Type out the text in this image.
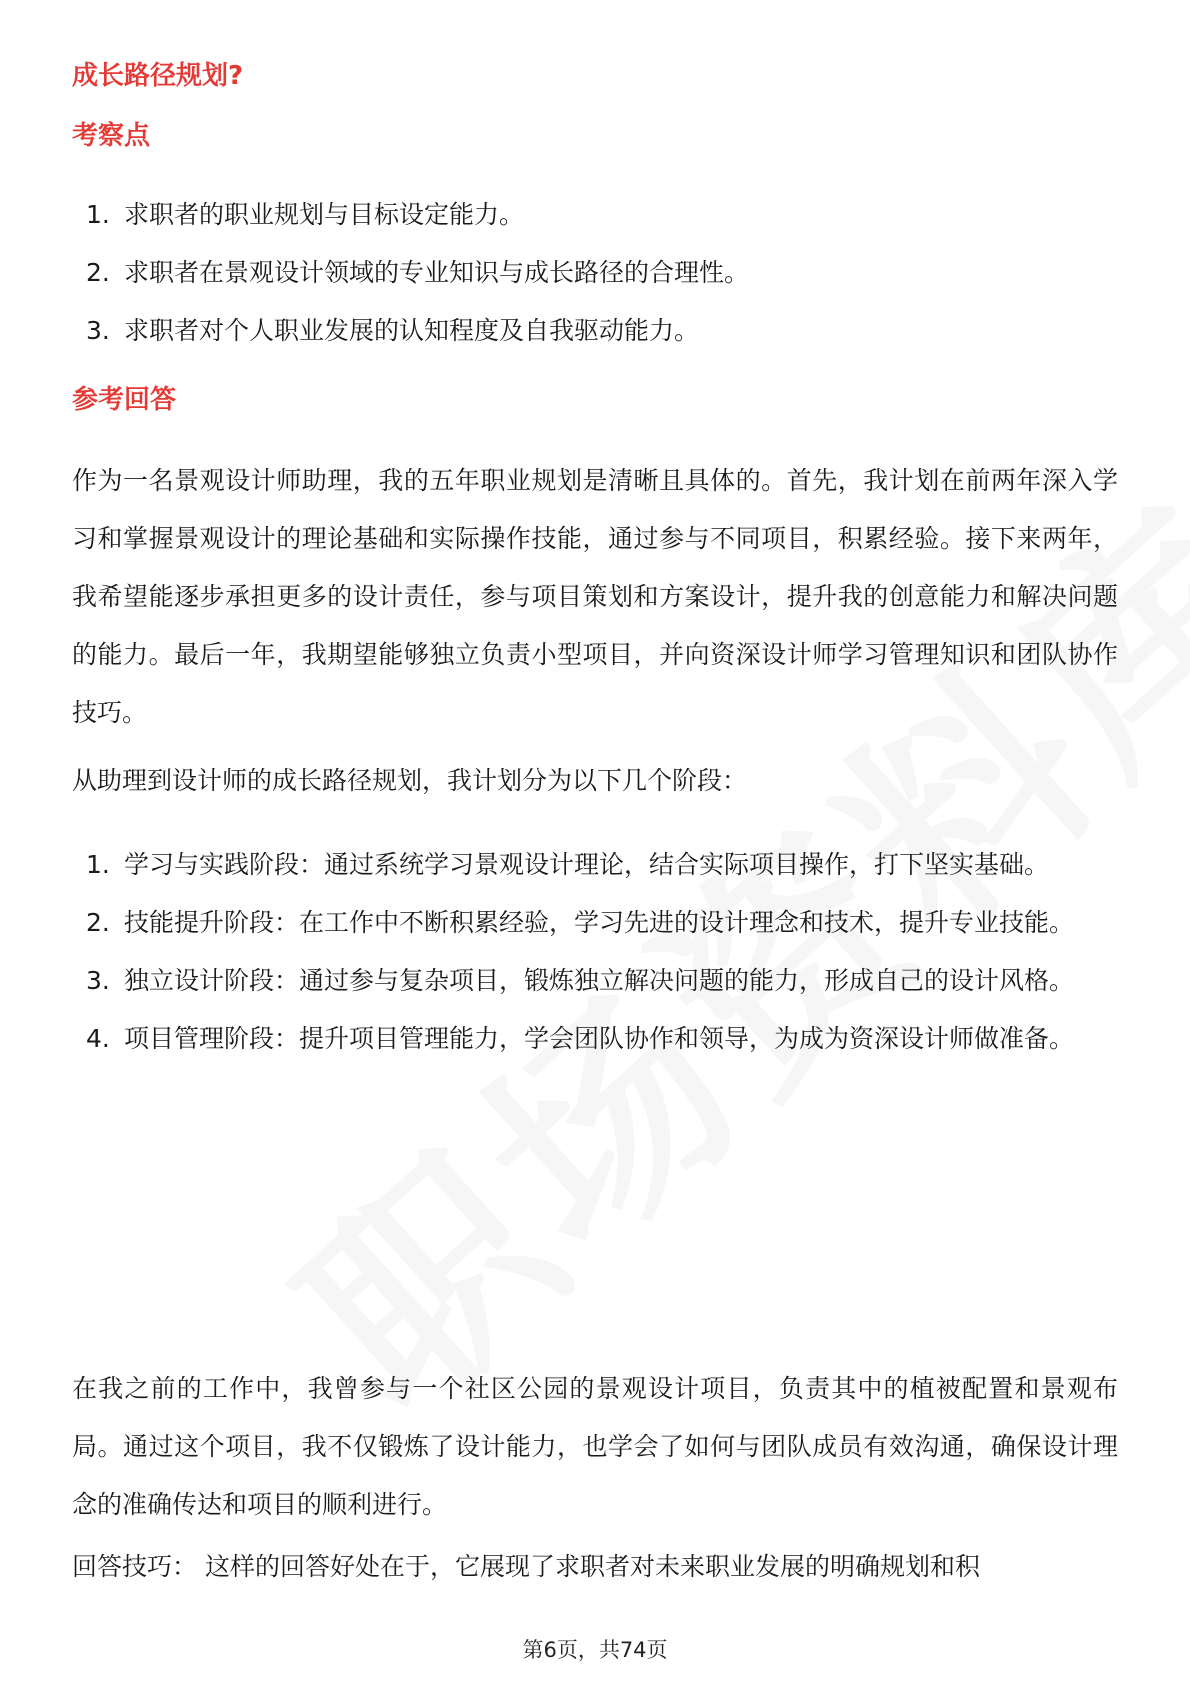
成长路径规划?
考察点
1. 求职者的职业规划与目标设定能力。
2. 求职者在景观设计领域的专业知识与成长路径的合理性。
3. 求职者对个人职业发展的认知程度及自我驱动能力。
参考回答

作为一名景观设计师助理，我的五年职业规划是清晰且具体的。首先，我计划在前两年深入学习和掌握景观设计的理论基础和实际操作技能，通过参与不同项目，积累经验。接下来两年，我希望能逐步承担更多的设计责任，参与项目策划和方案设计，提升我的创意能力和解决问题的能力。最后一年，我期望能够独立负责小型项目，并向资深设计师学习管理知识和团队协作技巧。

从助理到设计师的成长路径规划，我计划分为以下几个阶段：

1. 学习与实践阶段：通过系统学习景观设计理论，结合实际项目操作，打下坚实基础。
2. 技能提升阶段：在工作中不断积累经验，学习先进的设计理念和技术，提升专业技能。
3. 独立设计阶段：通过参与复杂项目，锻炼独立解决问题的能力，形成自己的设计风格。
4. 项目管理阶段：提升项目管理能力，学会团队协作和领导，为成为资深设计师做准备。

在我之前的工作中，我曾参与一个社区公园的景观设计项目，负责其中的植被配置和景观布局。通过这个项目，我不仅锻炼了设计能力，也学会了如何与团队成员有效沟通，确保设计理念的准确传达和项目的顺利进行。

回答技巧： 这样的回答好处在于，它展现了求职者对未来职业发展的明确规划和积

第6页，共74页
